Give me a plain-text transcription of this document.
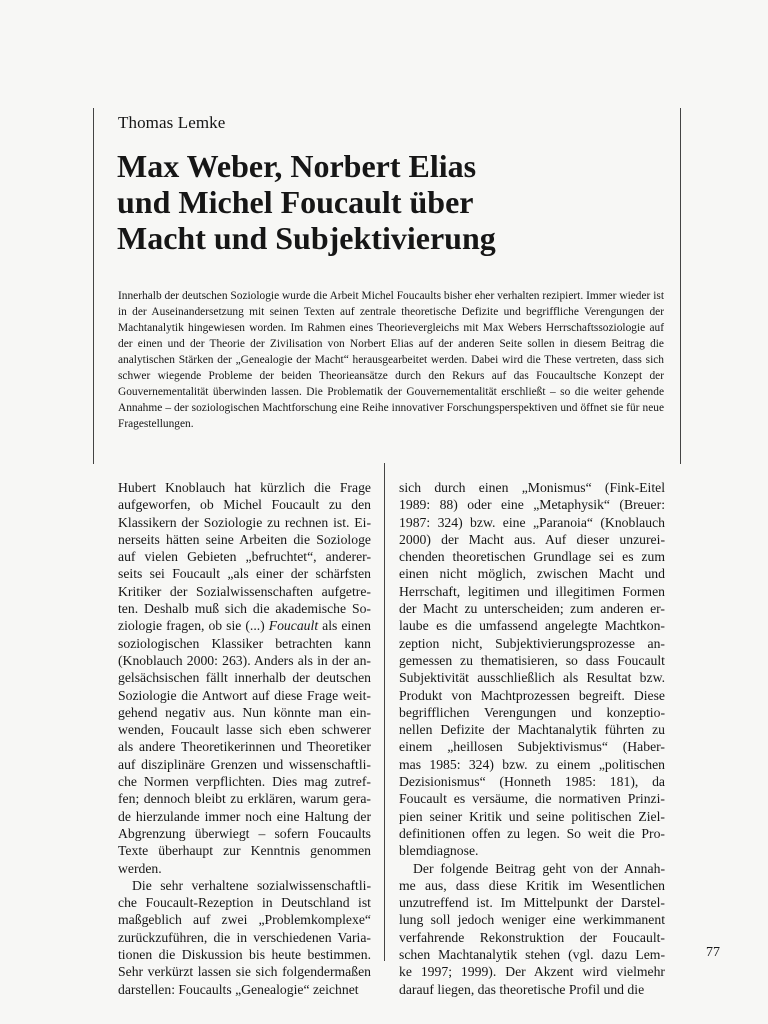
Thomas Lemke
Max Weber, Norbert Elias
und Michel Foucault über
Macht und Subjektivierung
Innerhalb der deutschen Soziologie wurde die Arbeit Michel Foucaults bisher eher verhalten rezipiert. Immer wieder ist in der Auseinandersetzung mit seinen Texten auf zentrale theoretische Defizite und begriffliche Verengungen der Machtanalytik hingewiesen worden. Im Rahmen eines Theorievergleichs mit Max Webers Herrschaftssoziologie auf der einen und der Theorie der Zivilisation von Norbert Elias auf der anderen Seite sollen in diesem Beitrag die analytischen Stärken der „Genealogie der Macht“ herausgearbeitet werden. Dabei wird die These vertreten, dass sich schwer wiegende Probleme der beiden Theorieansätze durch den Rekurs auf das Foucaultsche Konzept der Gouvernementalität überwinden lassen. Die Problematik der Gouvernementalität erschließt – so die weiter gehende Annahme – der soziologischen Machtforschung eine Reihe innovativer Forschungsperspektiven und öffnet sie für neue Fragestellungen.
Hubert Knoblauch hat kürzlich die Frage
aufgeworfen, ob Michel Foucault zu den
Klassikern der Soziologie zu rechnen ist. Ei-
nerseits hätten seine Arbeiten die Soziologe
auf vielen Gebieten „befruchtet“, anderer-
seits sei Foucault „als einer der schärfsten
Kritiker der Sozialwissenschaften aufgetre-
ten. Deshalb muß sich die akademische So-
ziologie fragen, ob sie (...) Foucault als einen
soziologischen Klassiker betrachten kann
(Knoblauch 2000: 263). Anders als in der an-
gelsächsischen fällt innerhalb der deutschen
Soziologie die Antwort auf diese Frage weit-
gehend negativ aus. Nun könnte man ein-
wenden, Foucault lasse sich eben schwerer
als andere Theoretikerinnen und Theoretiker
auf disziplinäre Grenzen und wissenschaftli-
che Normen verpflichten. Dies mag zutref-
fen; dennoch bleibt zu erklären, warum gera-
de hierzulande immer noch eine Haltung der
Abgrenzung überwiegt – sofern Foucaults
Texte überhaupt zur Kenntnis genommen
werden.
Die sehr verhaltene sozialwissenschaftli-
che Foucault-Rezeption in Deutschland ist
maßgeblich auf zwei „Problemkomplexe“
zurückzuführen, die in verschiedenen Varia-
tionen die Diskussion bis heute bestimmen.
Sehr verkürzt lassen sie sich folgendermaßen
darstellen: Foucaults „Genealogie“ zeichnet
sich durch einen „Monismus“ (Fink-Eitel
1989: 88) oder eine „Metaphysik“ (Breuer:
1987: 324) bzw. eine „Paranoia“ (Knoblauch
2000) der Macht aus. Auf dieser unzurei-
chenden theoretischen Grundlage sei es zum
einen nicht möglich, zwischen Macht und
Herrschaft, legitimen und illegitimen Formen
der Macht zu unterscheiden; zum anderen er-
laube es die umfassend angelegte Machtkon-
zeption nicht, Subjektivierungsprozesse an-
gemessen zu thematisieren, so dass Foucault
Subjektivität ausschließlich als Resultat bzw.
Produkt von Machtprozessen begreift. Diese
begrifflichen Verengungen und konzeptio-
nellen Defizite der Machtanalytik führten zu
einem „heillosen Subjektivismus“ (Haber-
mas 1985: 324) bzw. zu einem „politischen
Dezisionismus“ (Honneth 1985: 181), da
Foucault es versäume, die normativen Prinzi-
pien seiner Kritik und seine politischen Ziel-
definitionen offen zu legen. So weit die Pro-
blemdiagnose.
Der folgende Beitrag geht von der Annah-
me aus, dass diese Kritik im Wesentlichen
unzutreffend ist. Im Mittelpunkt der Darstel-
lung soll jedoch weniger eine werkimmanent
verfahrende Rekonstruktion der Foucault-
schen Machtanalytik stehen (vgl. dazu Lem-
ke 1997; 1999). Der Akzent wird vielmehr
darauf liegen, das theoretische Profil und die
77
